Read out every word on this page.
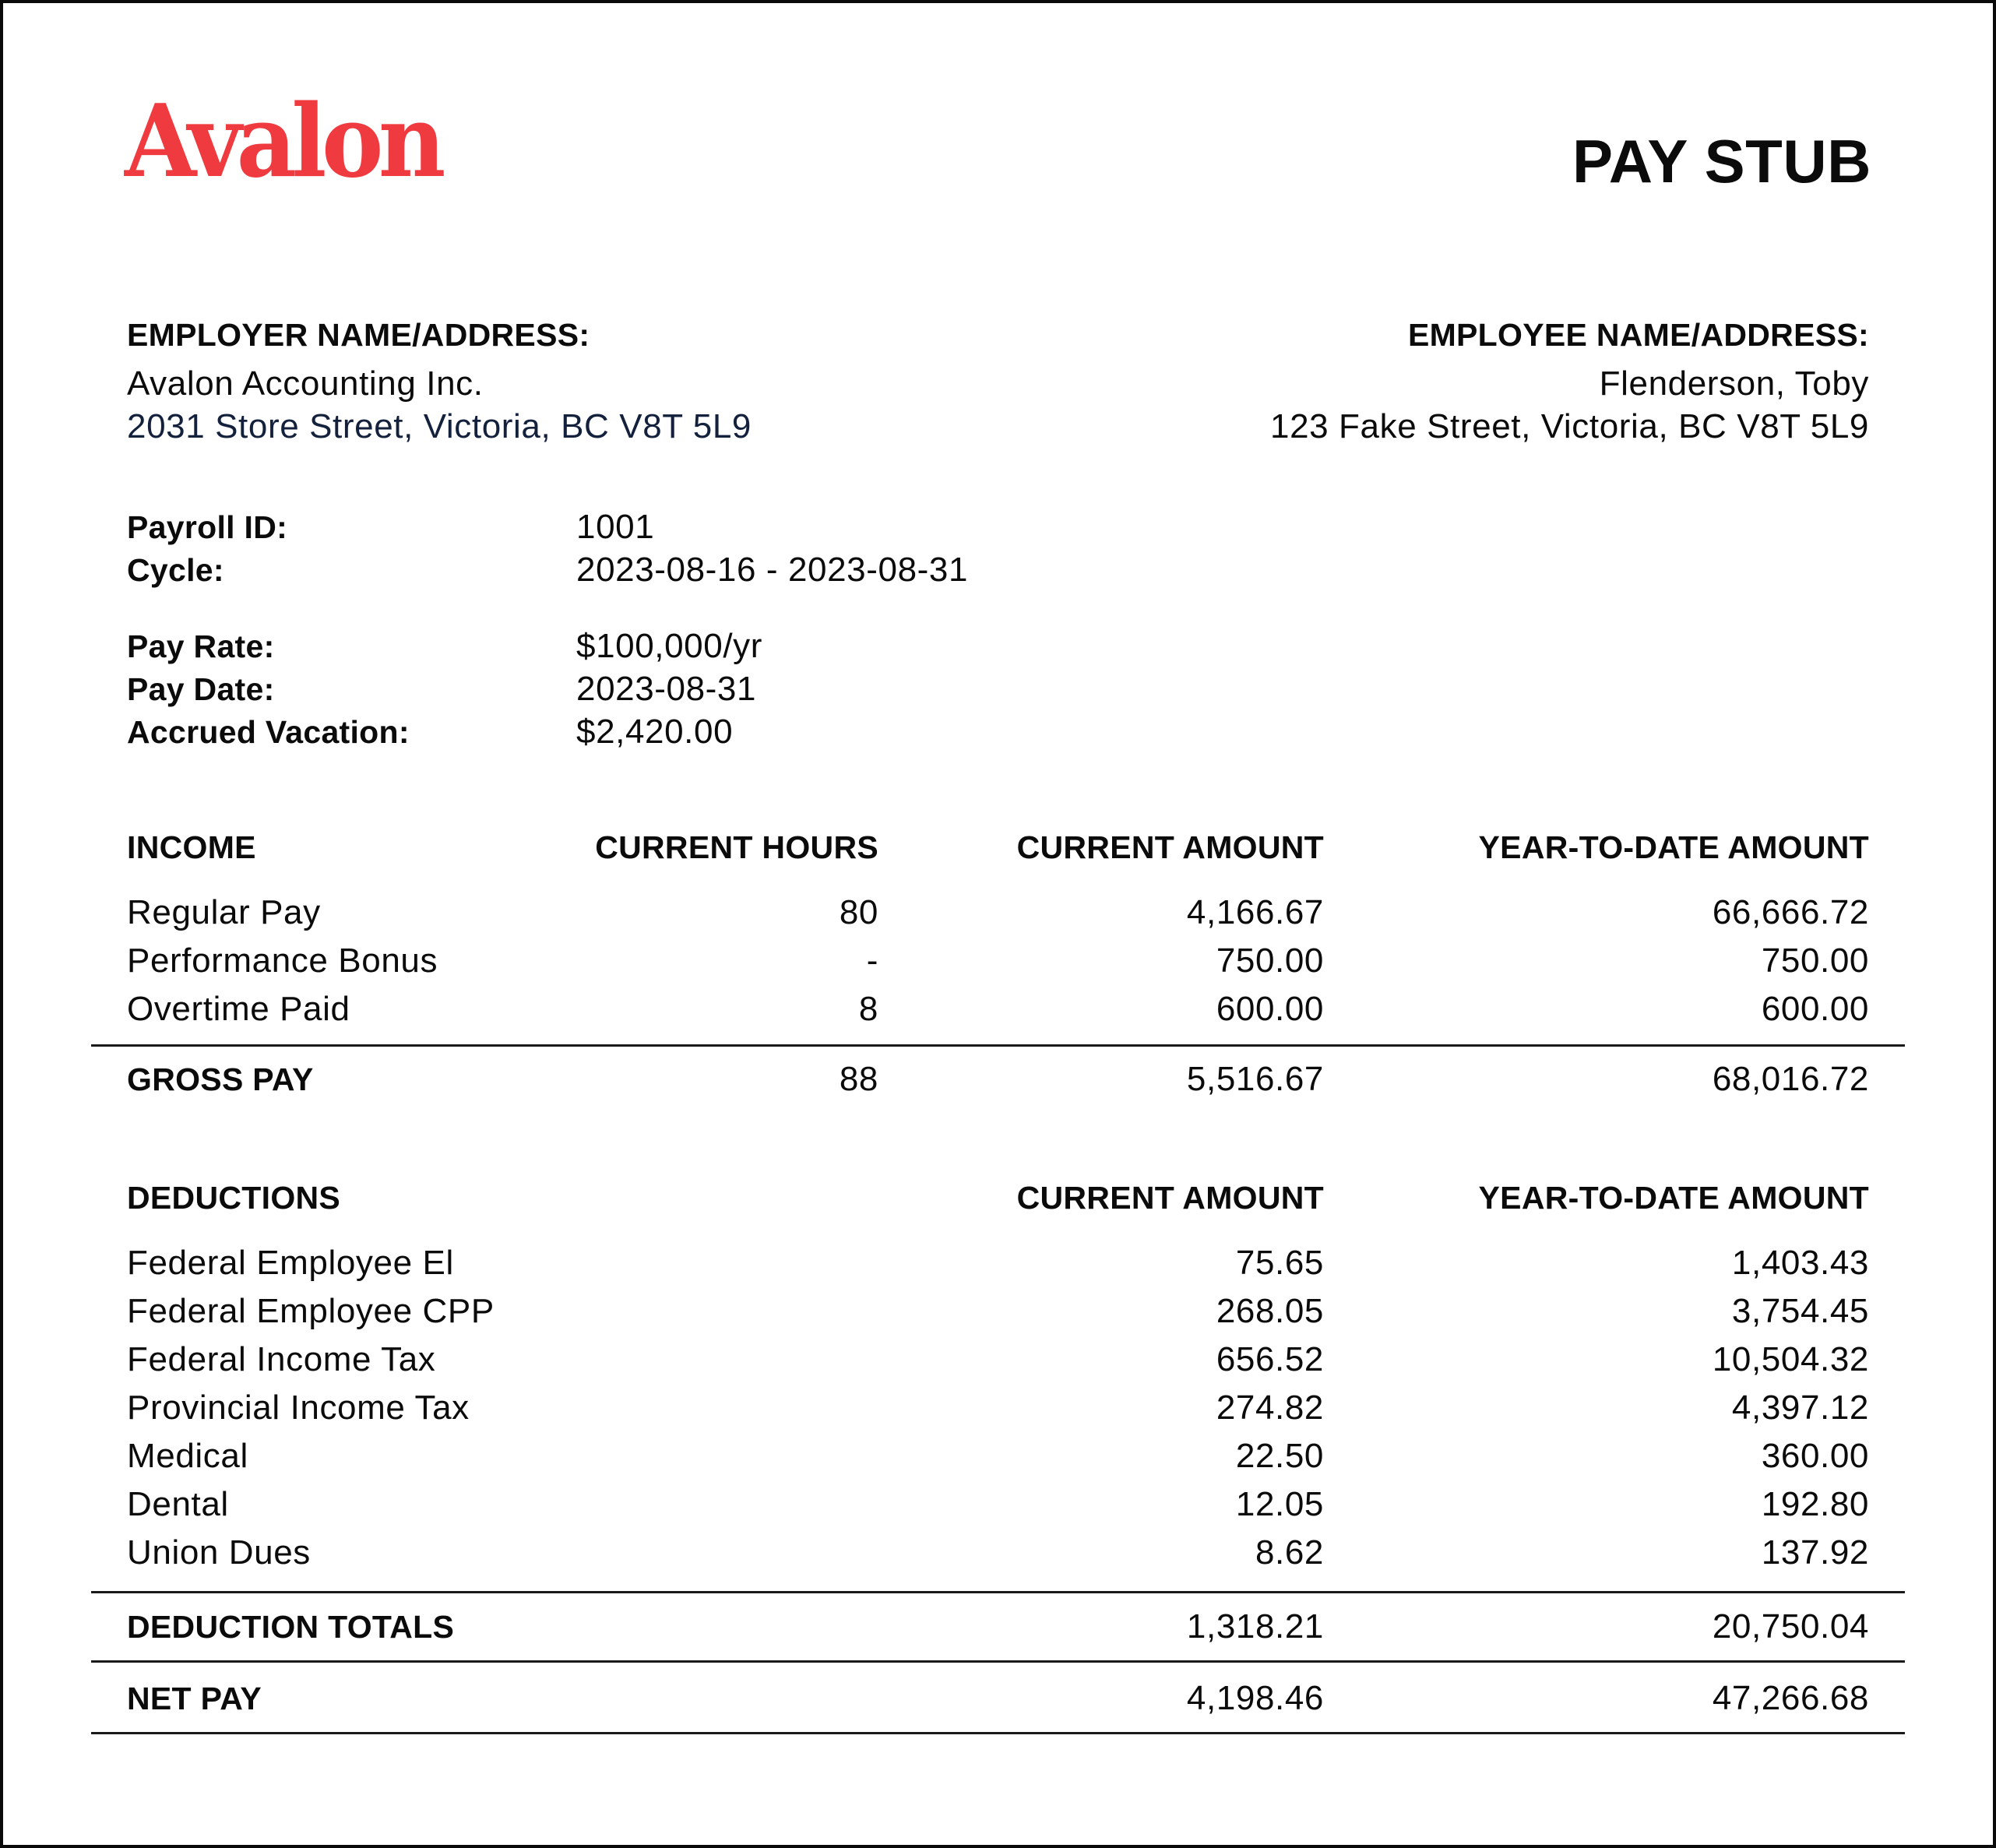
Avalon	PAY STUB
EMPLOYER NAME/ADDRESS:
Avalon Accounting Inc.
2031 Store Street, Victoria, BC V8T 5L9
EMPLOYEE NAME/ADDRESS:
Flenderson, Toby
123 Fake Street, Victoria, BC V8T 5L9
Payroll ID:	1001
Cycle:	2023-08-16 - 2023-08-31
Pay Rate:	$100,000/yr
Pay Date:	2023-08-31
Accrued Vacation:	$2,420.00
INCOME	CURRENT HOURS	CURRENT AMOUNT	YEAR-TO-DATE AMOUNT
Regular Pay	80	4,166.67	66,666.72
Performance Bonus	-	750.00	750.00
Overtime Paid	8	600.00	600.00
GROSS PAY	88	5,516.67	68,016.72
DEDUCTIONS	CURRENT AMOUNT	YEAR-TO-DATE AMOUNT
Federal Employee El	75.65	1,403.43
Federal Employee CPP	268.05	3,754.45
Federal Income Tax	656.52	10,504.32
Provincial Income Tax	274.82	4,397.12
Medical	22.50	360.00
Dental	12.05	192.80
Union Dues	8.62	137.92
DEDUCTION TOTALS	1,318.21	20,750.04
NET PAY	4,198.46	47,266.68
